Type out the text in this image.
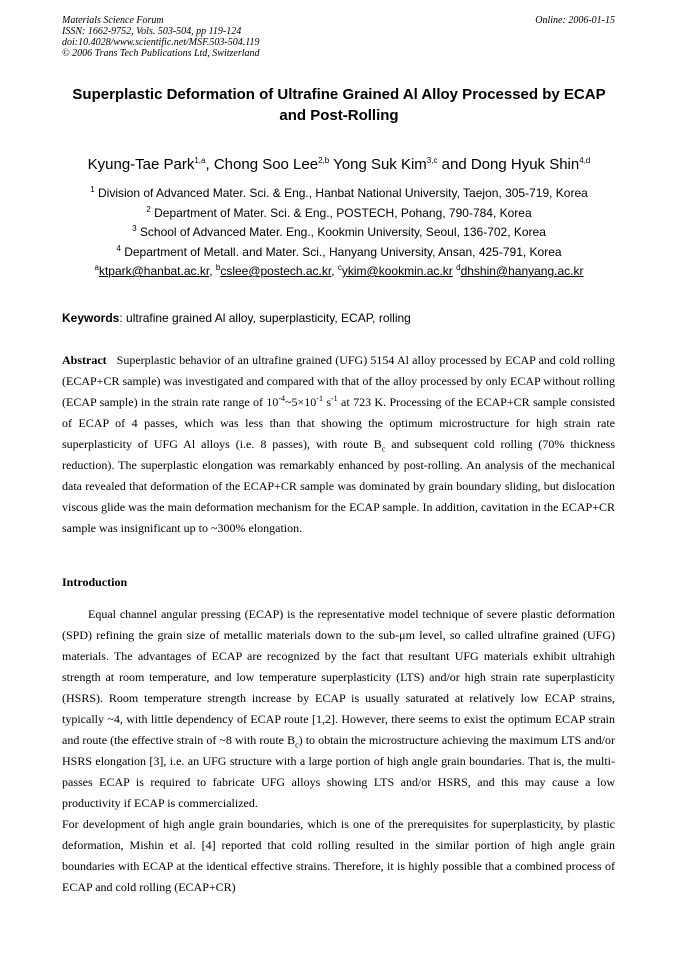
Materials Science Forum
ISSN: 1662-9752, Vols. 503-504, pp 119-124
doi:10.4028/www.scientific.net/MSF.503-504.119
© 2006 Trans Tech Publications Ltd, Switzerland
Online: 2006-01-15
Superplastic Deformation of Ultrafine Grained Al Alloy Processed by ECAP and Post-Rolling
Kyung-Tae Park$^{1,a}$, Chong Soo Lee$^{2,b}$ Yong Suk Kim$^{3,c}$ and Dong Hyuk Shin$^{4,d}$
$^1$ Division of Advanced Mater. Sci. & Eng., Hanbat National University, Taejon, 305-719, Korea
$^2$ Department of Mater. Sci. & Eng., POSTECH, Pohang, 790-784, Korea
$^3$ School of Advanced Mater. Eng., Kookmin University, Seoul, 136-702, Korea
$^4$ Department of Metall. and Mater. Sci., Hanyang University, Ansan, 425-791, Korea
$^a$ktpark@hanbat.ac.kr, $^b$cslee@postech.ac.kr, $^c$ykim@kookmin.ac.kr $^d$dhshin@hanyang.ac.kr
Keywords: ultrafine grained Al alloy, superplasticity, ECAP, rolling

Abstract Superplastic behavior of an ultrafine grained (UFG) 5154 Al alloy processed by ECAP and cold rolling (ECAP+CR sample) was investigated and compared with that of the alloy processed by only ECAP without rolling (ECAP sample) in the strain rate range of $10^{-4}\sim 5\times 10^{-1}$ $s^{-1}$ at 723 K. Processing of the ECAP+CR sample consisted of ECAP of 4 passes, which was less than that showing the optimum microstructure for high strain rate superplasticity of UFG Al alloys (i.e. 8 passes), with route $B_c$ and subsequent cold rolling (70% thickness reduction). The superplastic elongation was remarkably enhanced by post-rolling. An analysis of the mechanical data revealed that deformation of the ECAP+CR sample was dominated by grain boundary sliding, but dislocation viscous glide was the main deformation mechanism for the ECAP sample. In addition, cavitation in the ECAP+CR sample was insignificant up to ~300% elongation.

Introduction

Equal channel angular pressing (ECAP) is the representative model technique of severe plastic deformation (SPD) refining the grain size of metallic materials down to the sub-μm level, so called ultrafine grained (UFG) materials. The advantages of ECAP are recognized by the fact that resultant UFG materials exhibit ultrahigh strength at room temperature, and low temperature superplasticity (LTS) and/or high strain rate superplasticity (HSRS). Room temperature strength increase by ECAP is usually saturated at relatively low ECAP strains, typically ~4, with little dependency of ECAP route [1,2]. However, there seems to exist the optimum ECAP strain and route (the effective strain of ~8 with route $B_c$) to obtain the microstructure achieving the maximum LTS and/or HSRS elongation [3], i.e. an UFG structure with a large portion of high angle grain boundaries. That is, the multi-passes ECAP is required to fabricate UFG alloys showing LTS and/or HSRS, and this may cause a low productivity if ECAP is commercialized.

For development of high angle grain boundaries, which is one of the prerequisites for superplasticity, by plastic deformation, Mishin et al. [4] reported that cold rolling resulted in the similar portion of high angle grain boundaries with ECAP at the identical effective strains. Therefore, it is highly possible that a combined process of ECAP and cold rolling (ECAP+CR)
